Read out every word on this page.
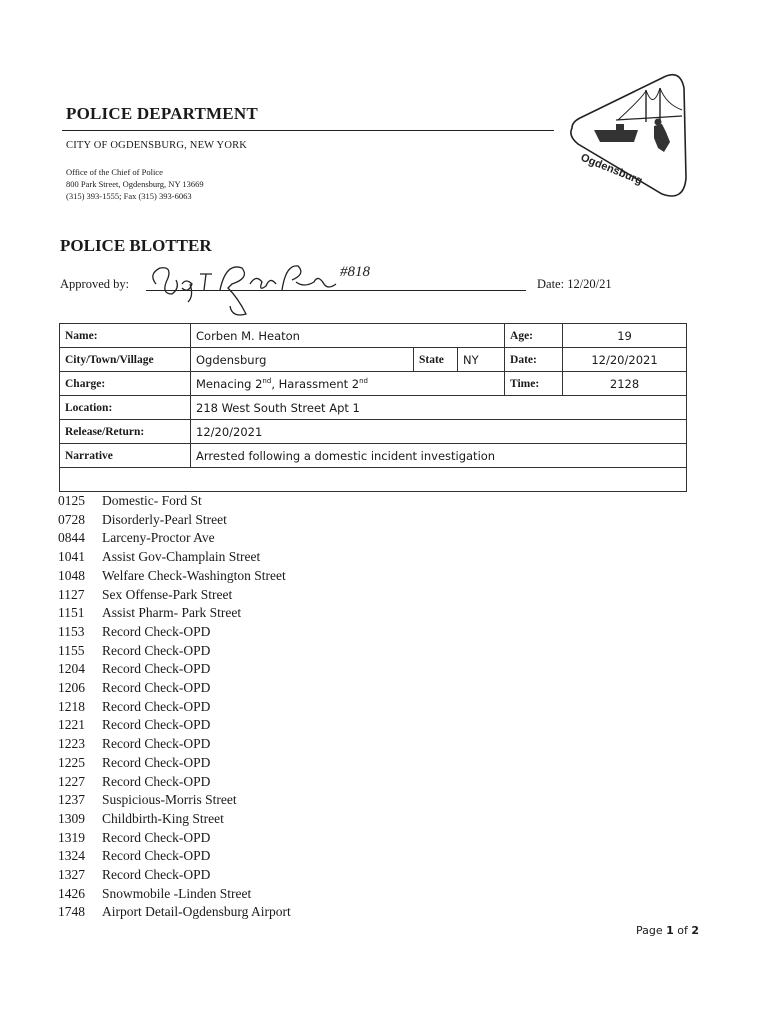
POLICE DEPARTMENT
CITY OF OGDENSBURG, NEW YORK
Office of the Chief of Police
800 Park Street, Ogdensburg, NY 13669
(315) 393-1555; Fax (315) 393-6063
Ogdensburg
POLICE BLOTTER
Approved by:
#818
Date: 12/20/21
Name:	Corben M. Heaton			Age:	19
City/Town/Village	Ogdensburg	State	NY	Date:	12/20/2021
Charge:	Menacing 2nd, Harassment 2nd			Time:	2128
Location:	218 West South Street Apt 1				
Release/Return:	12/20/2021				
Narrative	Arrested following a domestic incident investigation				

0125 Domestic- Ford St
0728 Disorderly-Pearl Street
0844 Larceny-Proctor Ave
1041 Assist Gov-Champlain Street
1048 Welfare Check-Washington Street
1127 Sex Offense-Park Street
1151 Assist Pharm- Park Street
1153 Record Check-OPD
1155 Record Check-OPD
1204 Record Check-OPD
1206 Record Check-OPD
1218 Record Check-OPD
1221 Record Check-OPD
1223 Record Check-OPD
1225 Record Check-OPD
1227 Record Check-OPD
1237 Suspicious-Morris Street
1309 Childbirth-King Street
1319 Record Check-OPD
1324 Record Check-OPD
1327 Record Check-OPD
1426 Snowmobile -Linden Street
1748 Airport Detail-Ogdensburg Airport
Page 1 of 2
